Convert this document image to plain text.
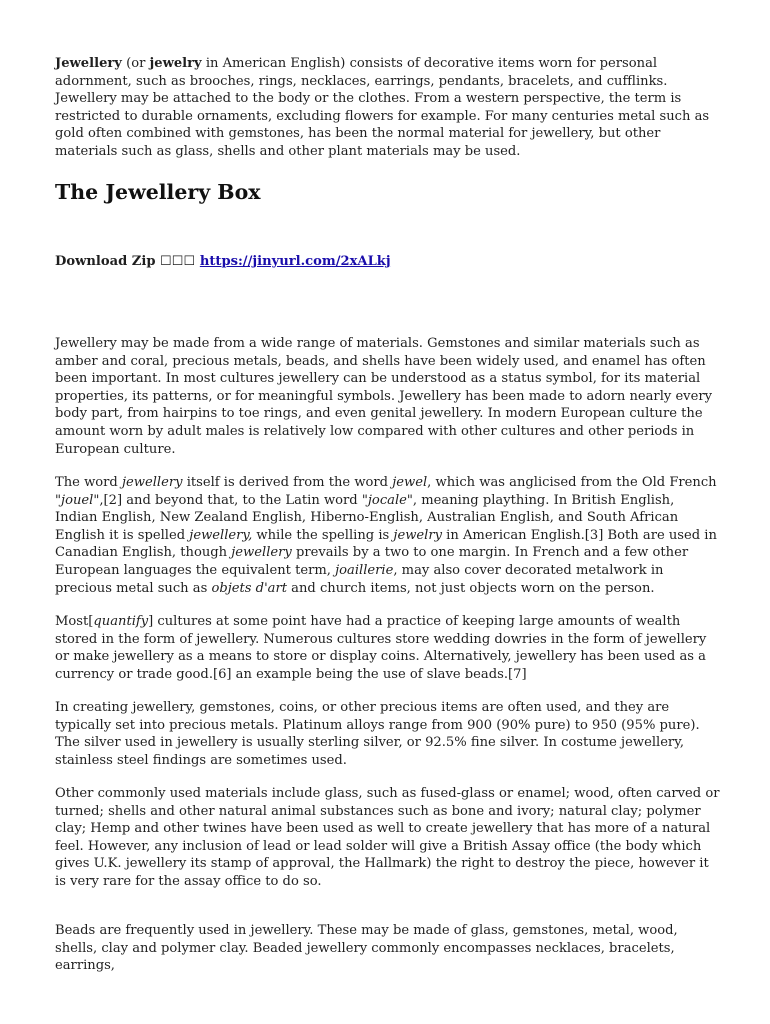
Jewellery (or jewelry in American English) consists of decorative items worn for personal adornment, such as brooches, rings, necklaces, earrings, pendants, bracelets, and cufflinks. Jewellery may be attached to the body or the clothes. From a western perspective, the term is restricted to durable ornaments, excluding flowers for example. For many centuries metal such as gold often combined with gemstones, has been the normal material for jewellery, but other materials such as glass, shells and other plant materials may be used.

The Jewellery Box
Download Zip ☐☐☐ https://jinyurl.com/2xALkj

Jewellery may be made from a wide range of materials. Gemstones and similar materials such as amber and coral, precious metals, beads, and shells have been widely used, and enamel has often been important. In most cultures jewellery can be understood as a status symbol, for its material properties, its patterns, or for meaningful symbols. Jewellery has been made to adorn nearly every body part, from hairpins to toe rings, and even genital jewellery. In modern European culture the amount worn by adult males is relatively low compared with other cultures and other periods in European culture.

The word jewellery itself is derived from the word jewel, which was anglicised from the Old French "jouel",[2] and beyond that, to the Latin word "jocale", meaning plaything. In British English, Indian English, New Zealand English, Hiberno-English, Australian English, and South African English it is spelled jewellery, while the spelling is jewelry in American English.[3] Both are used in Canadian English, though jewellery prevails by a two to one margin. In French and a few other European languages the equivalent term, joaillerie, may also cover decorated metalwork in precious metal such as objets d'art and church items, not just objects worn on the person.

Most[quantify] cultures at some point have had a practice of keeping large amounts of wealth stored in the form of jewellery. Numerous cultures store wedding dowries in the form of jewellery or make jewellery as a means to store or display coins. Alternatively, jewellery has been used as a currency or trade good.[6] an example being the use of slave beads.[7]

In creating jewellery, gemstones, coins, or other precious items are often used, and they are typically set into precious metals. Platinum alloys range from 900 (90% pure) to 950 (95% pure). The silver used in jewellery is usually sterling silver, or 92.5% fine silver. In costume jewellery, stainless steel findings are sometimes used.

Other commonly used materials include glass, such as fused-glass or enamel; wood, often carved or turned; shells and other natural animal substances such as bone and ivory; natural clay; polymer clay; Hemp and other twines have been used as well to create jewellery that has more of a natural feel. However, any inclusion of lead or lead solder will give a British Assay office (the body which gives U.K. jewellery its stamp of approval, the Hallmark) the right to destroy the piece, however it is very rare for the assay office to do so.

Beads are frequently used in jewellery. These may be made of glass, gemstones, metal, wood, shells, clay and polymer clay. Beaded jewellery commonly encompasses necklaces, bracelets, earrings,
